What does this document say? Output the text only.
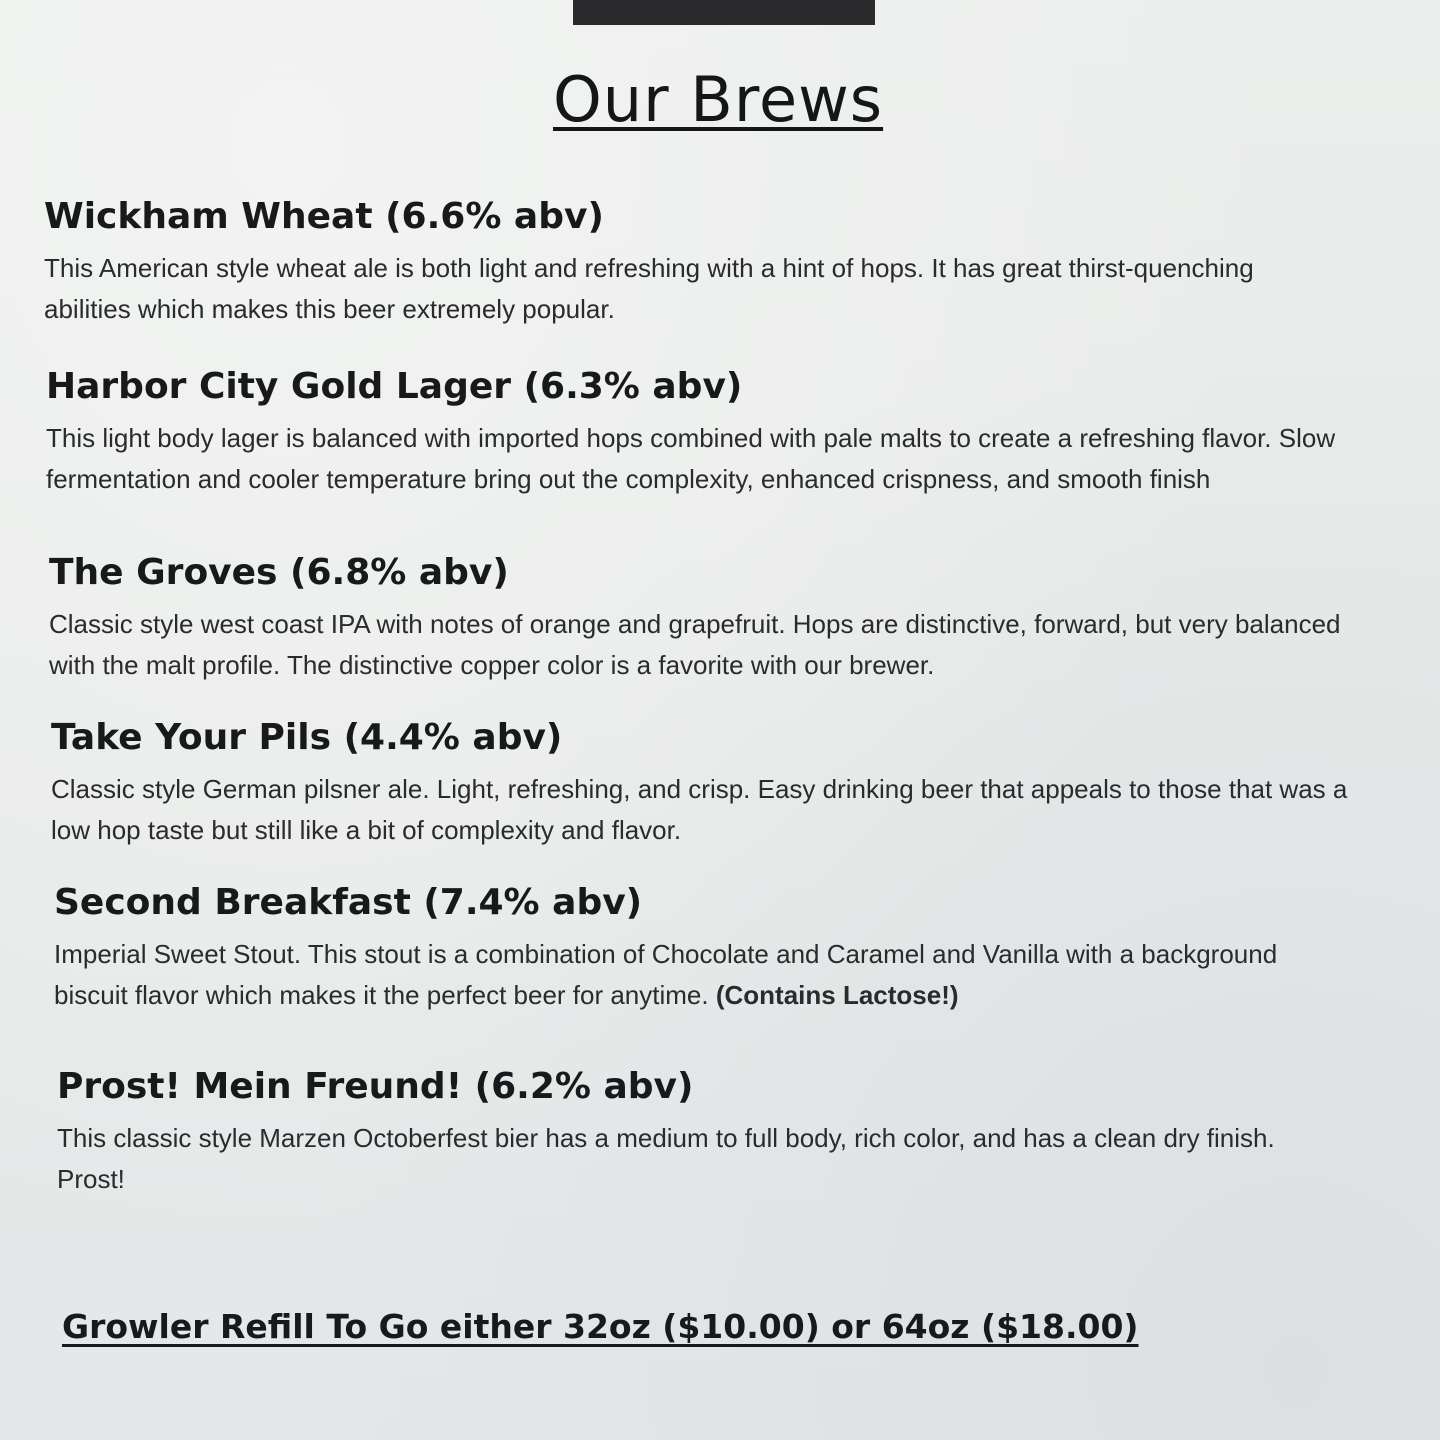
Our Brews
Wickham Wheat (6.6% abv)

This American style wheat ale is both light and refreshing with a hint of hops. It has great thirst-quenching abilities which makes this beer extremely popular.

Harbor City Gold Lager (6.3% abv)

This light body lager is balanced with imported hops combined with pale malts to create a refreshing flavor. Slow fermentation and cooler temperature bring out the complexity, enhanced crispness, and smooth finish

The Groves (6.8% abv)

Classic style west coast IPA with notes of orange and grapefruit. Hops are distinctive, forward, but very balanced with the malt profile. The distinctive copper color is a favorite with our brewer.

Take Your Pils (4.4% abv)

Classic style German pilsner ale. Light, refreshing, and crisp. Easy drinking beer that appeals to those that was a low hop taste but still like a bit of complexity and flavor.

Second Breakfast (7.4% abv)

Imperial Sweet Stout. This stout is a combination of Chocolate and Caramel and Vanilla with a background biscuit flavor which makes it the perfect beer for anytime. (Contains Lactose!)

Prost! Mein Freund! (6.2% abv)

This classic style Marzen Octoberfest bier has a medium to full body, rich color, and has a clean dry finish. Prost!

Growler Refill To Go either 32oz ($10.00) or 64oz ($18.00)
